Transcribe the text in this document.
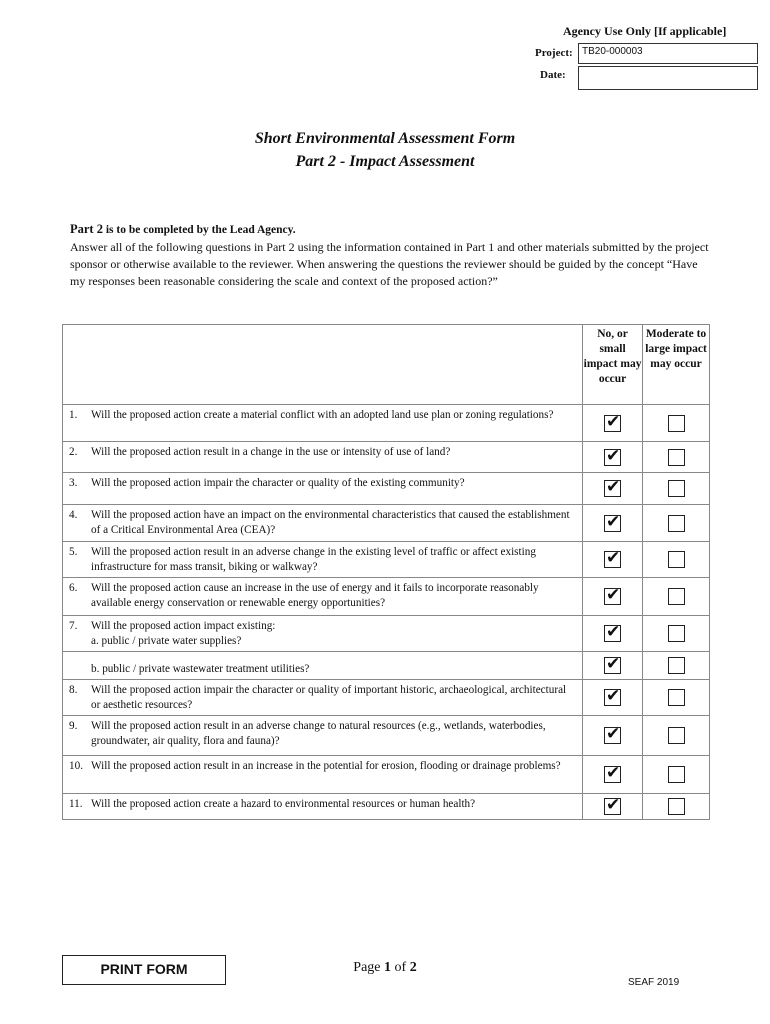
Agency Use Only [If applicable]
Project: TB20-000003
Date:
Short Environmental Assessment Form
Part 2 - Impact Assessment
Part 2 is to be completed by the Lead Agency.
Answer all of the following questions in Part 2 using the information contained in Part 1 and other materials submitted by the project sponsor or otherwise available to the reviewer. When answering the questions the reviewer should be guided by the concept “Have my responses been reasonable considering the scale and context of the proposed action?”
	No, or small impact may occur	Moderate to large impact may occur

1. Will the proposed action create a material conflict with an adopted land use plan or zoning regulations?	✔	

2. Will the proposed action result in a change in the use or intensity of use of land?	✔	

3. Will the proposed action impair the character or quality of the existing community?	✔	

4. Will the proposed action have an impact on the environmental characteristics that caused the establishment of a Critical Environmental Area (CEA)?	✔	

5. Will the proposed action result in an adverse change in the existing level of traffic or affect existing infrastructure for mass transit, biking or walkway?	✔	

6. Will the proposed action cause an increase in the use of energy and it fails to incorporate reasonably available energy conservation or renewable energy opportunities?	✔	

7. Will the proposed action impact existing:
a. public / private water supplies?	✔	

b. public / private wastewater treatment utilities?	✔	

8. Will the proposed action impair the character or quality of important historic, archaeological, architectural or aesthetic resources?	✔	

9. Will the proposed action result in an adverse change to natural resources (e.g., wetlands, waterbodies, groundwater, air quality, flora and fauna)?	✔	

10. Will the proposed action result in an increase in the potential for erosion, flooding or drainage problems?	✔	

11. Will the proposed action create a hazard to environmental resources or human health?	✔	

PRINT FORM	Page 1 of 2
SEAF 2019
